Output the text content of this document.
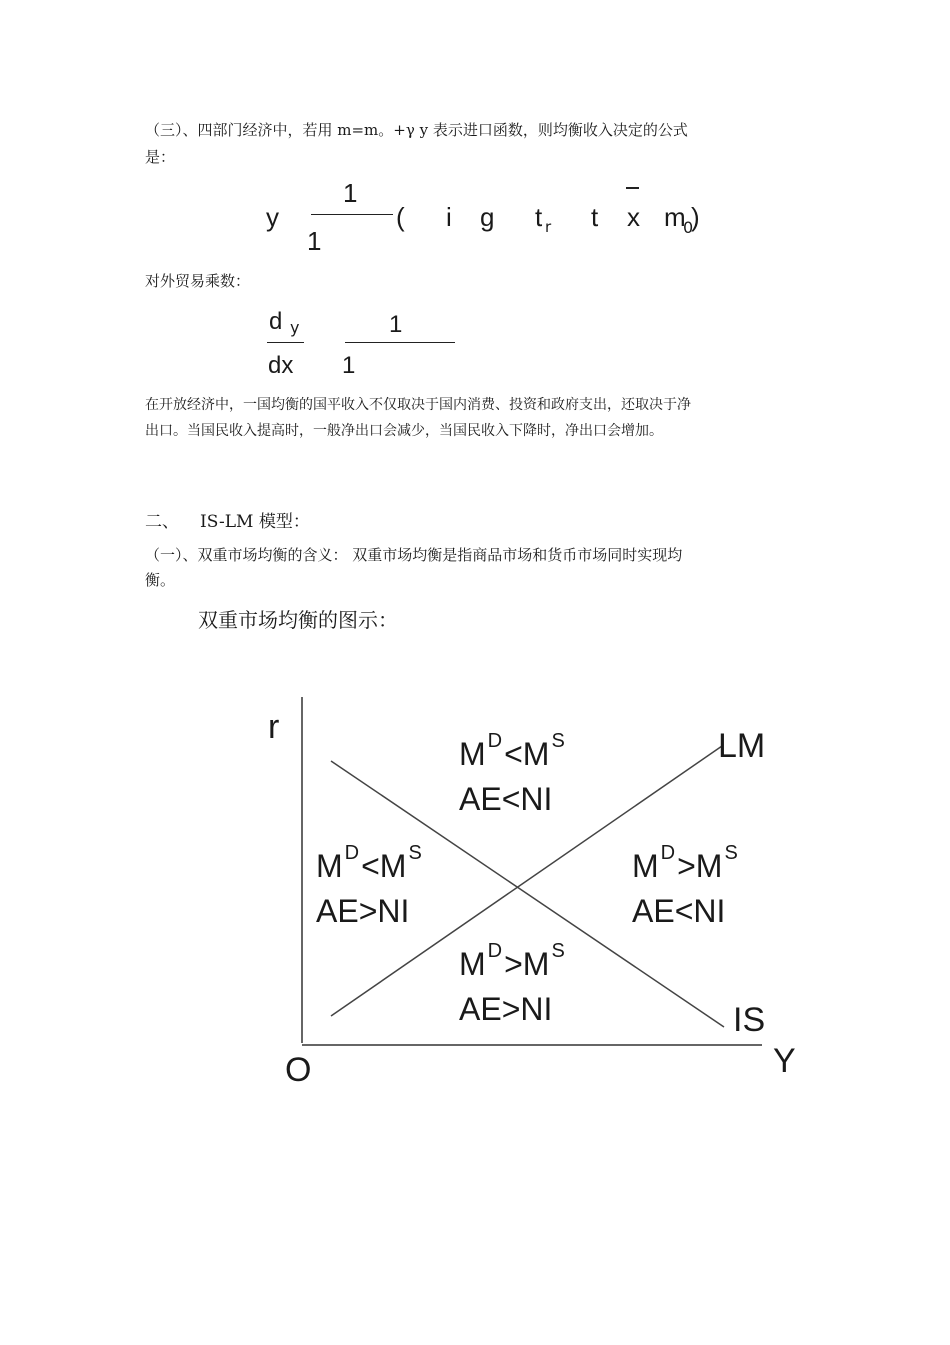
（三）、四部门经济中，若用 m=m。+γ y 表示进口函数，则均衡收入决定的公式
是：
y
1
1
( i g t r t x m
0
)
对外贸易乘数：
d y
dx
1
1
在开放经济中，一国均衡的国平收入不仅取决于国内消费、投资和政府支出，还取决于净
出口。当国民收入提高时，一般净出口会减少，当国民收入下降时，净出口会增加。
二、 IS-LM 模型：
（一）、双重市场均衡的含义： 双重市场均衡是指商品市场和货币市场同时实现均
衡。
双重市场均衡的图示：
r
Y
O
LM
IS
M $^D$<M $^S$
AE<NI
M $^D$<M $^S$
AE>NI
M $^D$>M $^S$
AE<NI
M $^D$>M $^S$
AE>NI
